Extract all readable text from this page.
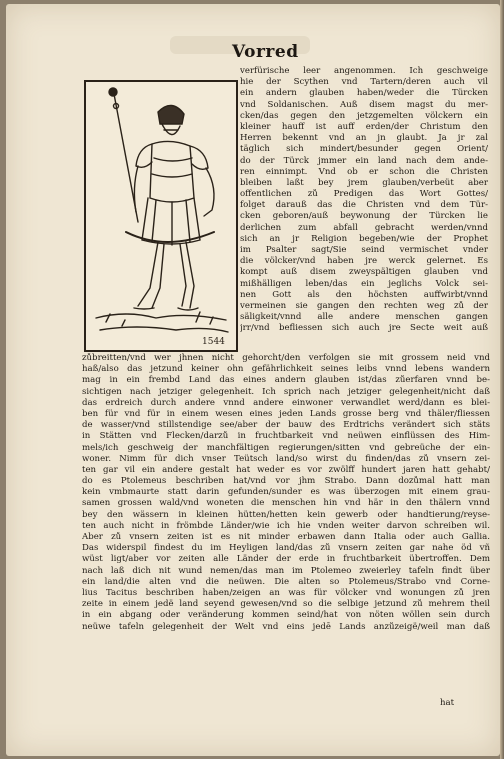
Vorred
1544
verfürische leer angenommen. Ich geschweige
hie der Scythen vnd Tartern/deren auch vil
ein andern glauben haben/weder die Türcken
vnd Soldanischen. Auß disem magst du mer-
cken/das gegen den jetzgemelten völckern ein
kleiner hauff ist auff erden/der Christum den
Herren bekennt vnd an jn glaubt. Ja jr zal
täglich sich mindert/besunder gegen Orient/
do der Türck jmmer ein land nach dem ande-
ren einnimpt. Vnd ob er schon die Christen
bleiben laßt bey jrem glauben/verbeüt aber
offentlichen zů Predigen das Wort Gottes/
folget darauß das die Christen vnd dem Tür-
cken geboren/auß beywonung der Türcken lie
derlichen zum abfall gebracht werden/vnnd
sich an jr Religion begeben/wie der Prophet
im Psalter sagt/Sie seind vermischet vnder
die völcker/vnd haben jre werck gelernet. Es
kompt auß disem zweyspältigen glauben vnd
mißhälligen leben/das ein jeglichs Volck sei-
nen Gott als den höchsten auffwirbt/vnnd
vermeinen sie gangen den rechten weg zů der
säligkeit/vnnd alle andere menschen gangen
jrr/vnd befliessen sich auch jre Secte weit auß
zůbreitten/vnd wer jhnen nicht gehorcht/den verfolgen sie mit grossem neid vnd
haß/also das jetzund keiner ohn gefährlichkeit seines leibs vnnd lebens wandern
mag in ein frembd Land das eines andern glauben ist/das zůerfaren vnnd be-
sichtigen nach jetziger gelegenheit. Ich sprich nach jetziger gelegenheit/nicht daß
das erdreich durch andere vnnd andere einwoner verwandlet werd/dann es blei-
ben für vnd für in einem wesen eines jeden Lands grosse berg vnd thäler/fliessen
de wasser/vnd stillstendige see/aber der bauw des Erdtrichs verändert sich stäts
in Stätten vnd Flecken/darzů in fruchtbarkeit vnd neüwen einflüssen des Him-
mels/ich geschweig der manchfältigen regierungen/sitten vnd gebreüche der ein-
woner. Nimm für dich vnser Teütsch land/so wirst du finden/das zů vnsern zei-
ten gar vil ein andere gestalt hat weder es vor zwölff hundert jaren hatt gehabt/
do es Ptolemeus beschriben hat/vnd vor jhm Strabo. Dann dozůmal hatt man
kein vmbmaurte statt darin gefunden/sunder es was überzogen mit einem grau-
samen grossen wald/vnd woneten die menschen hin vnd här in den thälern vnnd
bey den wässern in kleinen hütten/hetten kein gewerb oder handtierung/reyse-
ten auch nicht in frömbde Länder/wie ich hie vnden weiter darvon schreiben wil.
Aber zů vnsern zeiten ist es nit minder erbawen dann Italia oder auch Gallia.
Das widerspil findest du im Heyligen land/das zů vnsern zeiten gar nahe öd vñ
wüst ligt/aber vor zeiten alle Länder der erde in fruchtbarkeit übertroffen. Dem
nach laß dich nit wund nemen/das man im Ptolemeo zweierley tafeln findt über
ein land/die alten vnd die neüwen. Die alten so Ptolemeus/Strabo vnd Corne-
lius Tacitus beschriben haben/zeigen an was für völcker vnd wonungen zů jren
zeite in einem jedë land seyend gewesen/vnd so die selbige jetzund zů mehrem theil
in ein abgang oder veränderung kommen seind/hat von nöten wöllen sein durch
neüwe tafeln gelegenheit der Welt vnd eins jedē Lands anzůzeigë/weil man daß
hat
